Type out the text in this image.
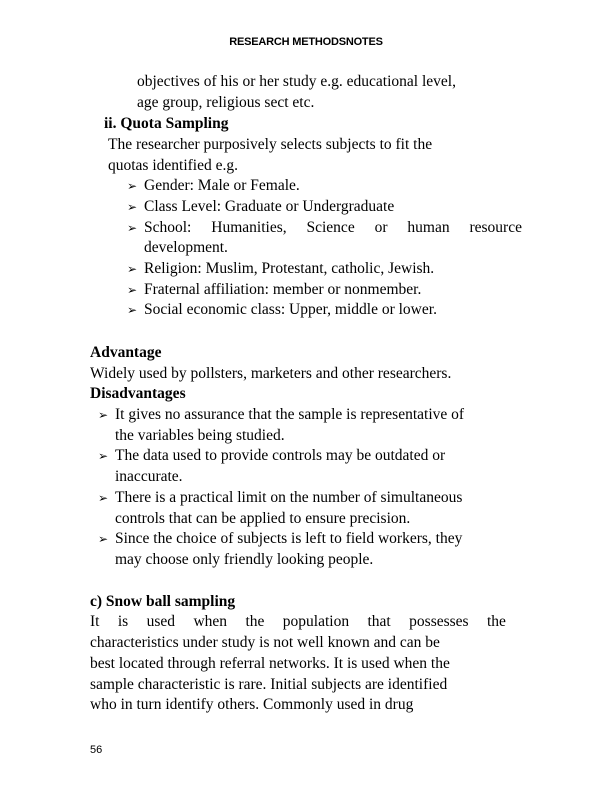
RESEARCH METHODSNOTES
objectives of his or her study e.g. educational level,
age group, religious sect etc.
ii. Quota Sampling
The researcher purposively selects subjects to fit the
quotas identified e.g.
➢ Gender: Male or Female.
➢ Class Level: Graduate or Undergraduate
➢ School: Humanities, Science or human resource
development.
➢ Religion: Muslim, Protestant, catholic, Jewish.
➢ Fraternal affiliation: member or nonmember.
➢ Social economic class: Upper, middle or lower.
Advantage
Widely used by pollsters, marketers and other researchers.
Disadvantages
➢ It gives no assurance that the sample is representative of
the variables being studied.
➢ The data used to provide controls may be outdated or
inaccurate.
➢ There is a practical limit on the number of simultaneous
controls that can be applied to ensure precision.
➢ Since the choice of subjects is left to field workers, they
may choose only friendly looking people.
c) Snow ball sampling
It is used when the population that possesses the
characteristics under study is not well known and can be
best located through referral networks. It is used when the
sample characteristic is rare. Initial subjects are identified
who in turn identify others. Commonly used in drug
56
